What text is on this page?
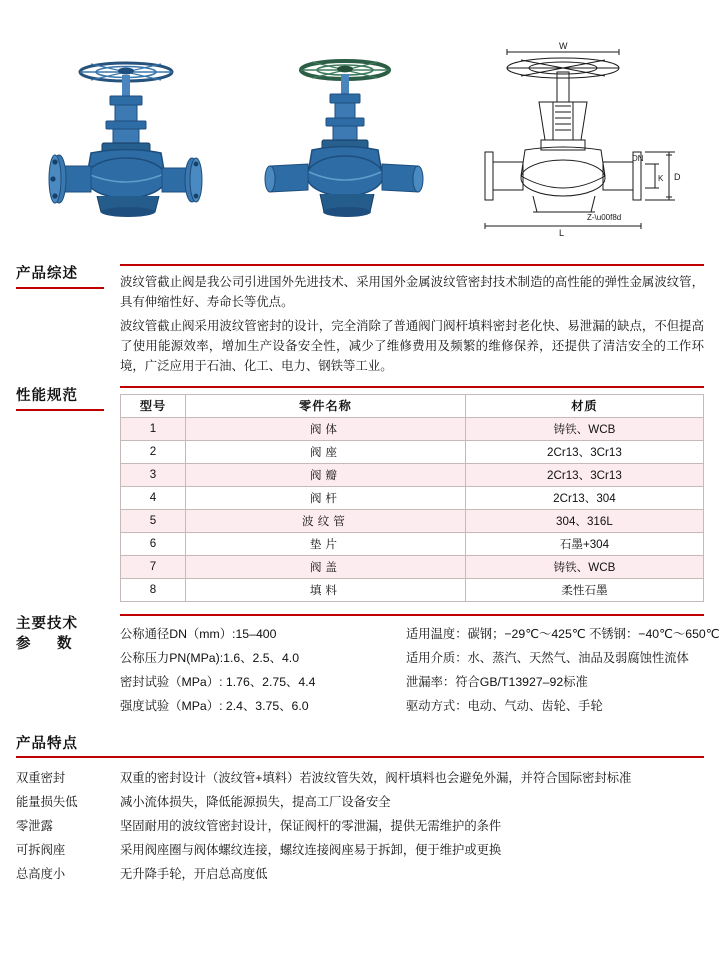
W
DN
D
K
L
Z-\u00f8d
产品综述	波纹管截止阀是我公司引进国外先进技术、采用国外金属波纹管密封技术制造的高性能的弹性金属波纹管，具有伸缩性好、寿命长等优点。

波纹管截止阀采用波纹管密封的设计，完全消除了普通阀门阀杆填料密封老化快、易泄漏的缺点，不但提高了使用能源效率，增加生产设备安全性，减少了维修费用及频繁的维修保养，还提供了清洁安全的工作环境，广泛应用于石油、化工、电力、钢铁等工业。

性能规范
型号	零件名称	材质
1	阀体	铸铁、WCB
2	阀座	2Cr13、3Cr13
3	阀瓣	2Cr13、3Cr13
4	阀杆	2Cr13、304
5	波纹管	304、316L
6	垫片	石墨+304
7	阀盖	铸铁、WCB
8	填料	柔性石墨
主要技术
参　数
公称通径DN（mm）:15–400
公称压力PN(MPa):1.6、2.5、4.0
密封试验（MPa）: 1.76、2.75、4.4
强度试验（MPa）: 2.4、3.75、6.0
适用温度：碳钢；−29℃～425℃ 不锈钢：−40℃～650℃
适用介质：水、蒸汽、天然气、油品及弱腐蚀性流体
泄漏率：符合GB/T13927–92标准
驱动方式：电动、气动、齿轮、手轮
产品特点
双重密封	双重的密封设计（波纹管+填料）若波纹管失效，阀杆填料也会避免外漏，并符合国际密封标准
能量损失低	减小流体损失，降低能源损失，提高工厂设备安全
零泄露	坚固耐用的波纹管密封设计，保证阀杆的零泄漏，提供无需维护的条件
可拆阀座	采用阀座圈与阀体螺纹连接，螺纹连接阀座易于拆卸，便于维护或更换
总高度小	无升降手轮，开启总高度低
